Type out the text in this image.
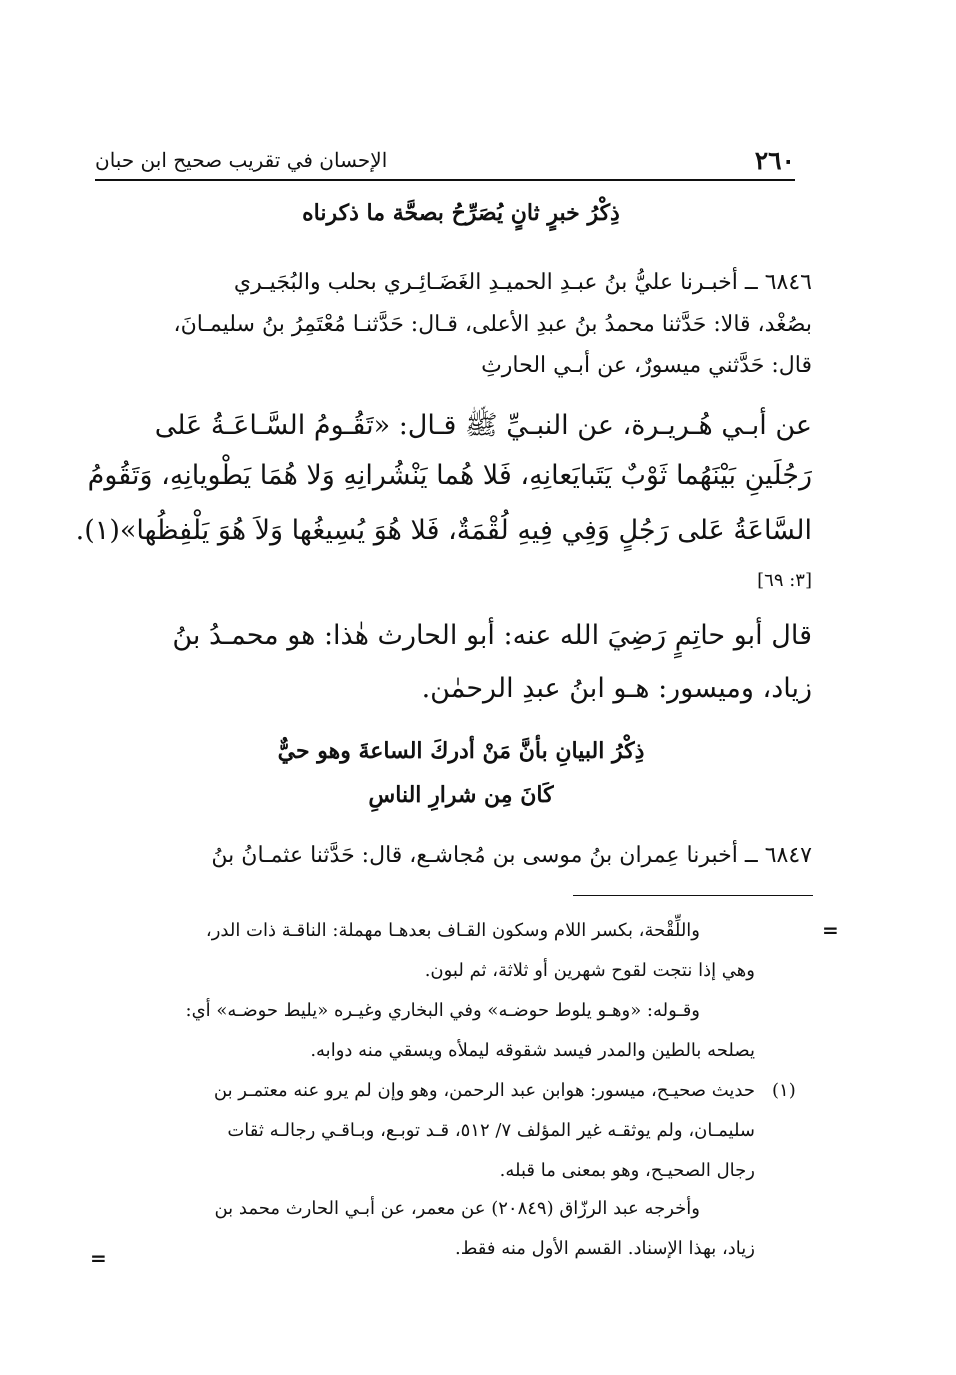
٢٦٠
الإحسان في تقريب صحيح ابن حبان
ذِكْرُ خبرٍ ثانٍ يُصَرِّحُ بصحَّة ما ذكرناه
٦٨٤٦ ــ أخبـرنا عليُّ بنُ عبـدِ الحميـدِ الغَضَـائِـري بحلب والبُجَيـري
بصُغْد، قالا: حَدَّثنا محمدُ بنُ عبدِ الأعلى، قـال: حَدَّثنـا مُعْتَمِرُ بنُ سليمـانَ،
قال: حَدَّثني ميسورٌ، عن أبـي الحارثِ
عن أبـي هُـريـرة، عن النبـيِّ ﷺ قـال: «تَقُـومُ السَّـاعَـةُ عَلى
رَجُلَينِ بَيْنَهُما ثَوْبٌ يَتَبايَعانِهِ، فَلا هُما يَنْشُرانِهِ وَلا هُمَا يَطْويانِهِ، وَتَقُومُ
السَّاعَةُ عَلى رَجُلٍ وَفِي فِيهِ لُقْمَةٌ، فَلا هُوَ يُسِيغُها وَلاَ هُوَ يَلْفِظُها»(١).
[٣: ٦٩]
قال أبو حاتِمٍ رَضِيَ الله عنه: أبو الحارث هٰذا: هو محمـدُ بنُ
زياد، وميسور: هـو ابنُ عبدِ الرحمٰن.
ذِكْرُ البيانِ بأنَّ مَنْ أدركَ الساعةَ وهو حيٌّ
كَانَ مِن شرارِ الناسِ
٦٨٤٧ ــ أخبرنا عِمران بنُ موسى بن مُجاشـع، قال: حَدَّثنا عثمـانُ بنُ
=
واللِّقْحة، بكسر اللام وسكون القـاف بعدهـا مهملة: الناقـة ذات الدر،
وهي إذا نتجت لقوح شهرين أو ثلاثة، ثم لبون.
وقـوله: «وهـو يلوط حوضـه» وفي البخاري وغيـره «يليط حوضـه» أي:
يصلحه بالطين والمدر فيسد شقوقه ليملأه ويسقي منه دوابه.
(١)
حديث صحيـح، ميسور: هوابن عبد الرحمن، وهو وإن لم يرو عنه معتمـر بن
سليمـان، ولم يوثقـه غير المؤلف ٧/ ٥١٢، قـد توبـع، وبـاقـي رجالـه ثقات
رجال الصحيـح، وهو بمعنى ما قبله.
وأخرجه عبد الرزّاق (٢٠٨٤٩) عن معمر، عن أبـي الحارث محمد بن
زياد، بهذا الإسناد. القسم الأول منه فقط.
=
